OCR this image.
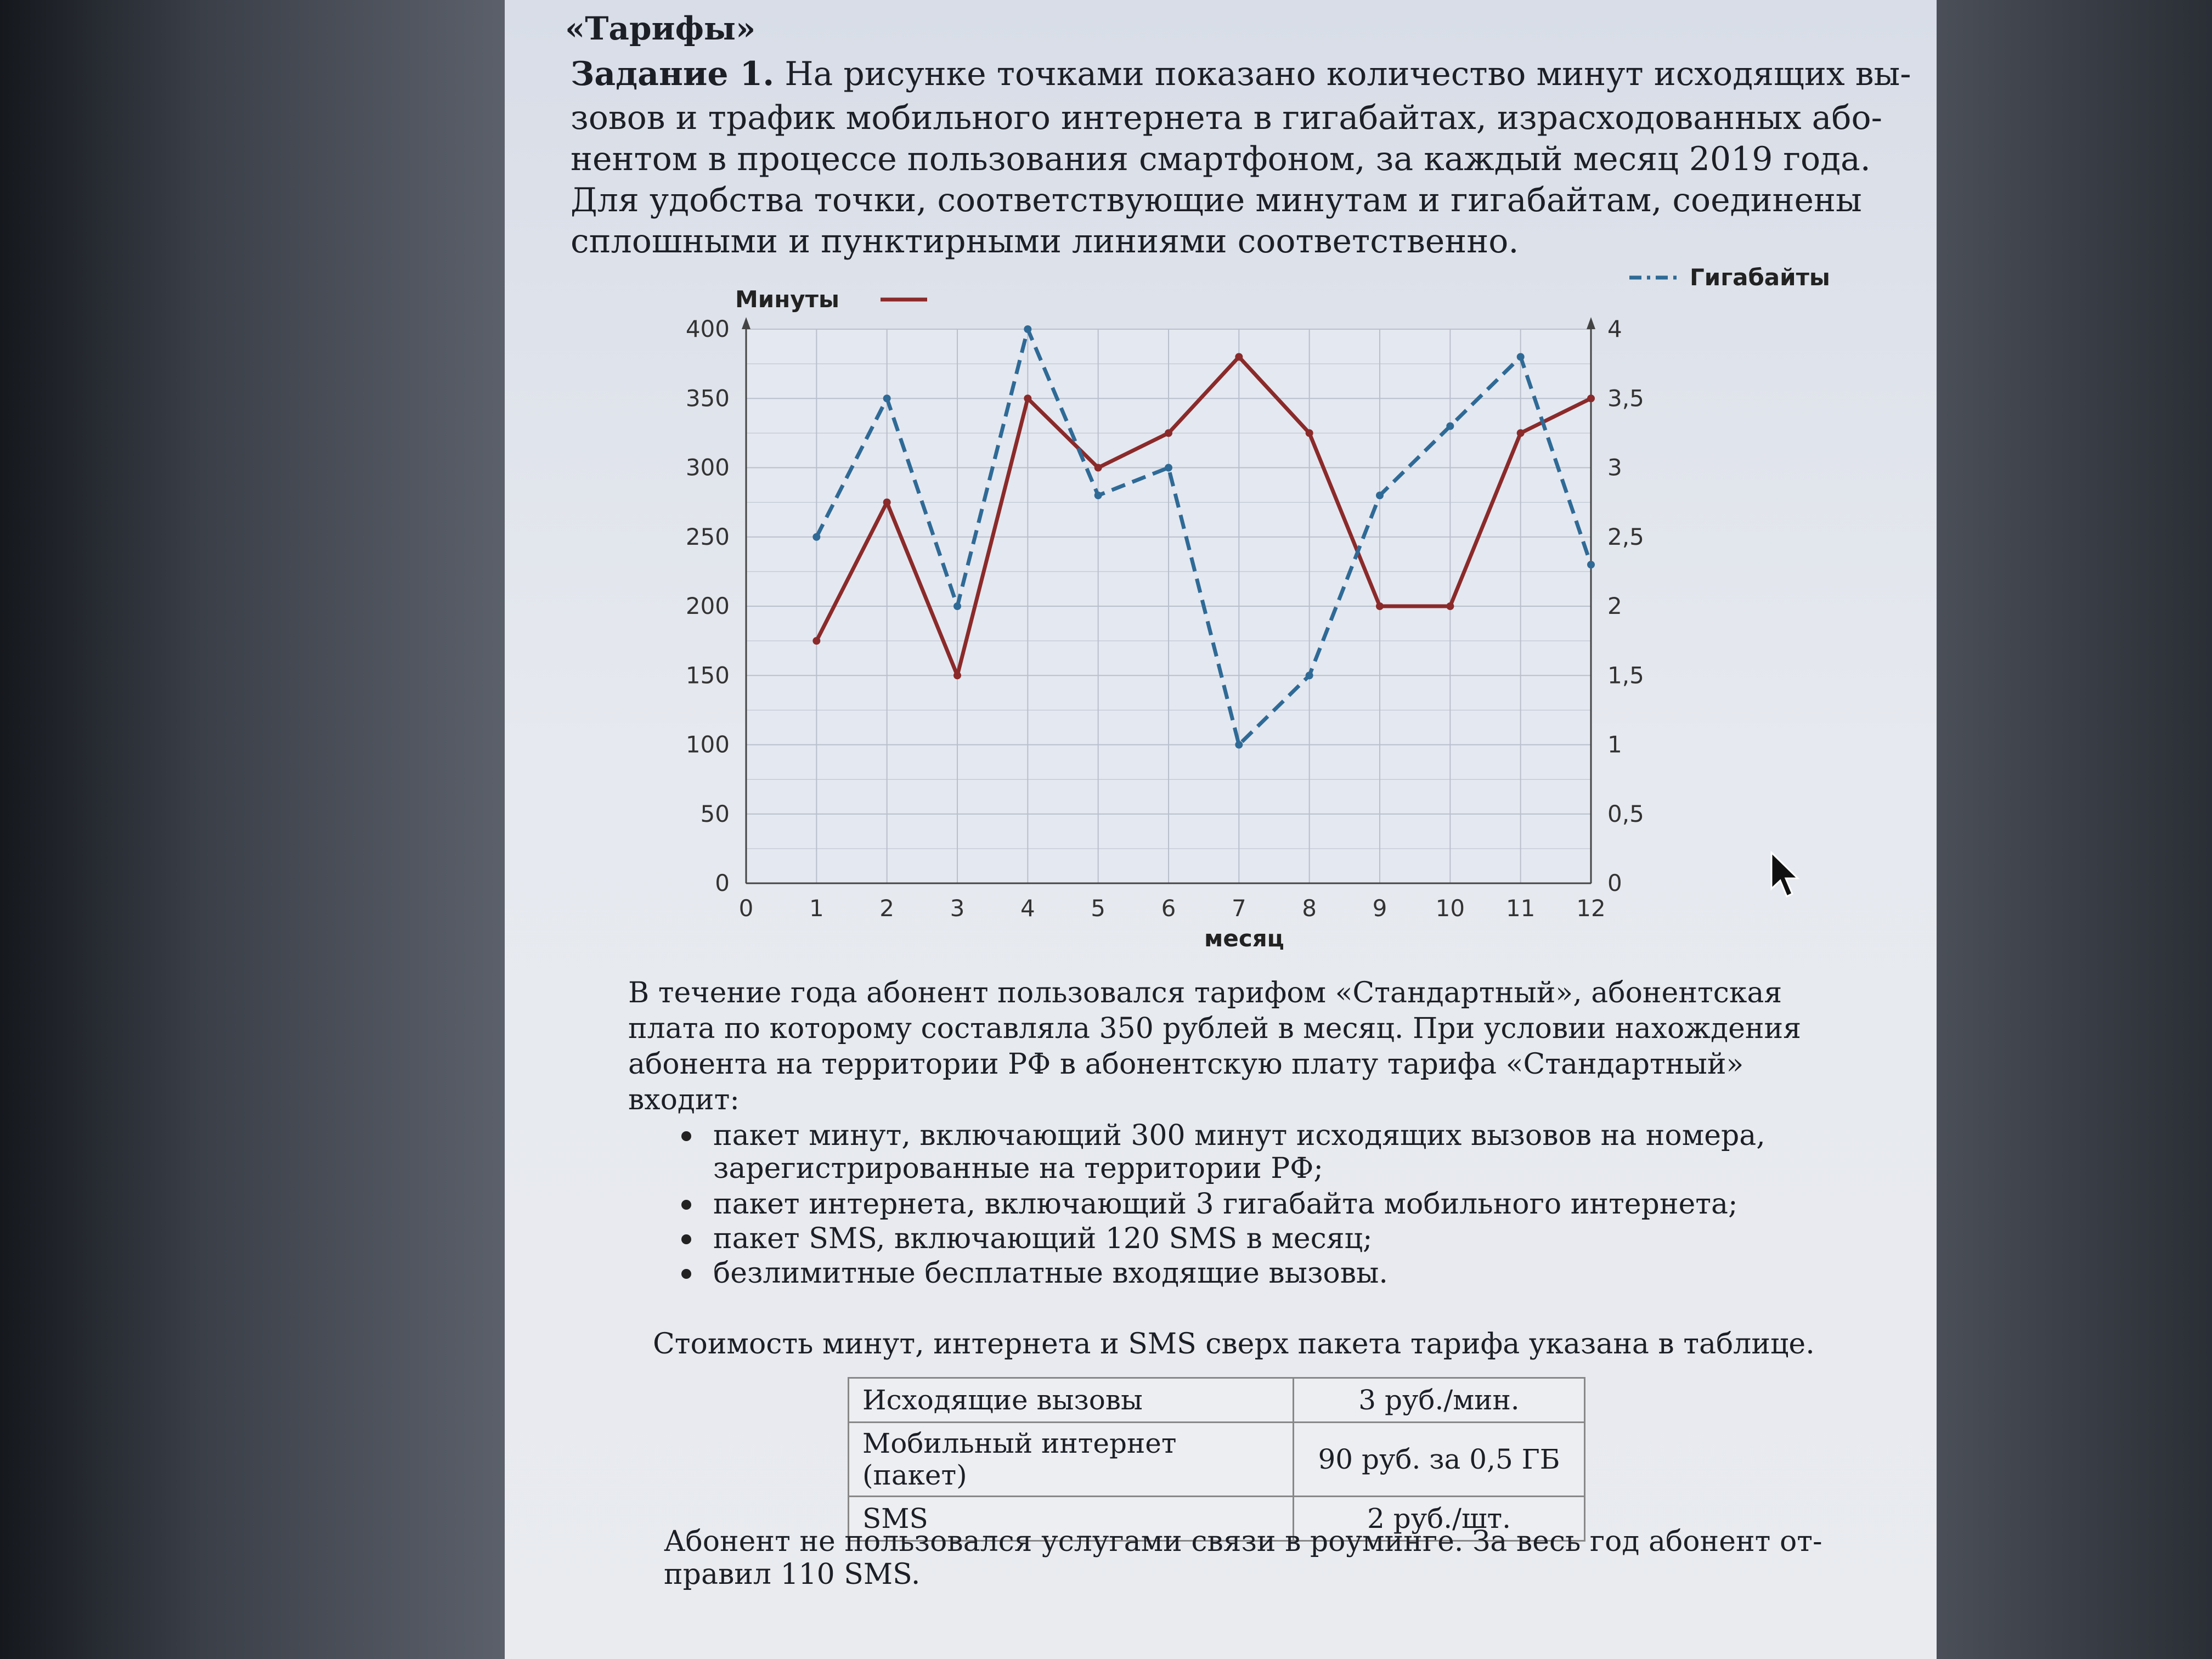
«Тарифы»
Задание 1. На рисунке точками показано количество минут исходящих вы-
зовов и трафик мобильного интернета в гигабайтах, израсходованных або-
нентом в процессе пользования смартфоном, за каждый месяц 2019 года.
Для удобства точки, соответствующие минутам и гигабайтам, соединены
сплошными и пунктирными линиями соответственно.
0
50
100
150
200
250
300
350
400
0
0,5
1
1,5
2
2,5
3
3,5
4
0 1 2 3 4 5 6 7 8 9 10 11 12
Минуты
Гигабайты
месяц
В течение года абонент пользовался тарифом «Стандартный», абонентская
плата по которому составляла 350 рублей в месяц. При условии нахождения
абонента на территории РФ в абонентскую плату тарифа «Стандартный»
входит:
пакет минут, включающий 300 минут исходящих вызовов на номера,
зарегистрированные на территории РФ;
пакет интернета, включающий 3 гигабайта мобильного интернета;
пакет SMS, включающий 120 SMS в месяц;
безлимитные бесплатные входящие вызовы.
Стоимость минут, интернета и SMS сверх пакета тарифа указана в таблице.
Исходящие вызовы	3 руб./мин.
Мобильный интернет (пакет)	90 руб. за 0,5 ГБ
SMS	2 руб./шт.
Абонент не пользовался услугами связи в роуминге. За весь год абонент от-
правил 110 SMS.
